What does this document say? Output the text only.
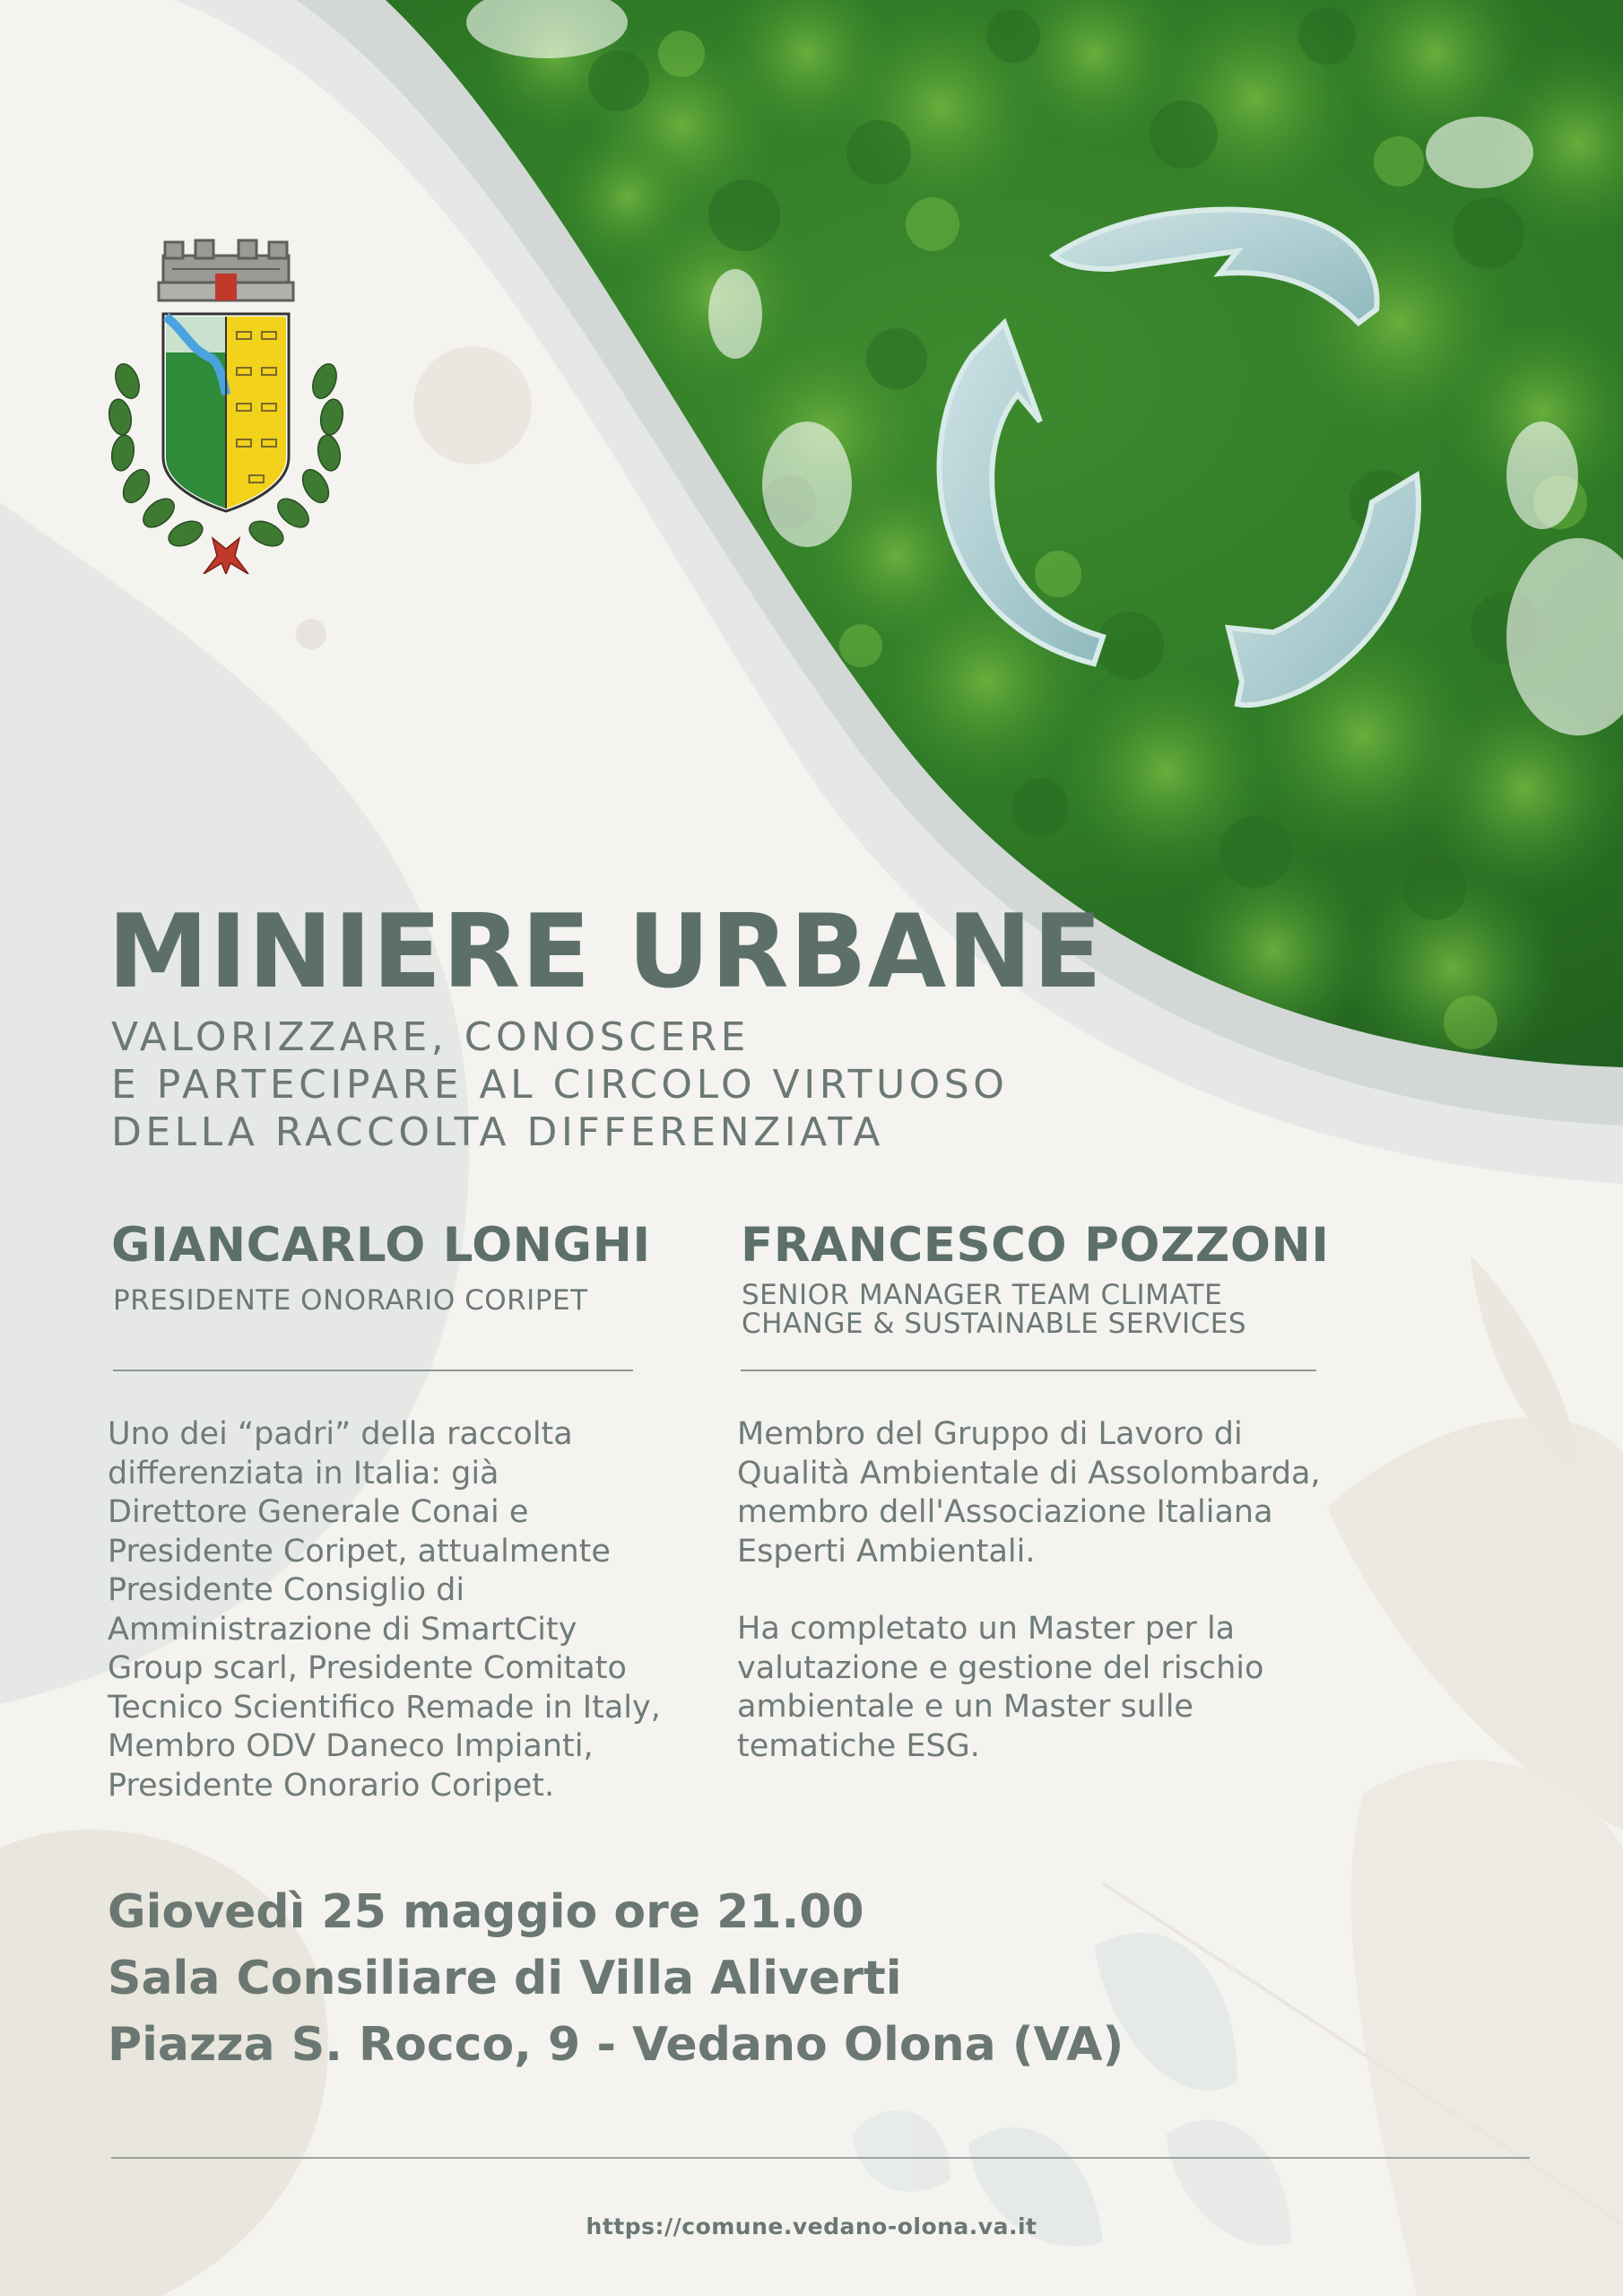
MINIERE URBANE
VALORIZZARE, CONOSCERE
E PARTECIPARE AL CIRCOLO VIRTUOSO
DELLA RACCOLTA DIFFERENZIATA
GIANCARLO LONGHI
PRESIDENTE ONORARIO CORIPET

Uno dei “padri” della raccolta
differenziata in Italia: già
Direttore Generale Conai e
Presidente Coripet, attualmente
Presidente Consiglio di
Amministrazione di SmartCity
Group scarl, Presidente Comitato
Tecnico Scientifico Remade in Italy,
Membro ODV Daneco Impianti,
Presidente Onorario Coripet.

FRANCESCO POZZONI
SENIOR MANAGER TEAM CLIMATE
CHANGE & SUSTAINABLE SERVICES

Membro del Gruppo di Lavoro di
Qualità Ambientale di Assolombarda,
membro dell'Associazione Italiana
Esperti Ambientali.

Ha completato un Master per la
valutazione e gestione del rischio
ambientale e un Master sulle
tematiche ESG.

Giovedì 25 maggio ore 21.00
Sala Consiliare di Villa Aliverti
Piazza S. Rocco, 9 - Vedano Olona (VA)
https://comune.vedano-olona.va.it
